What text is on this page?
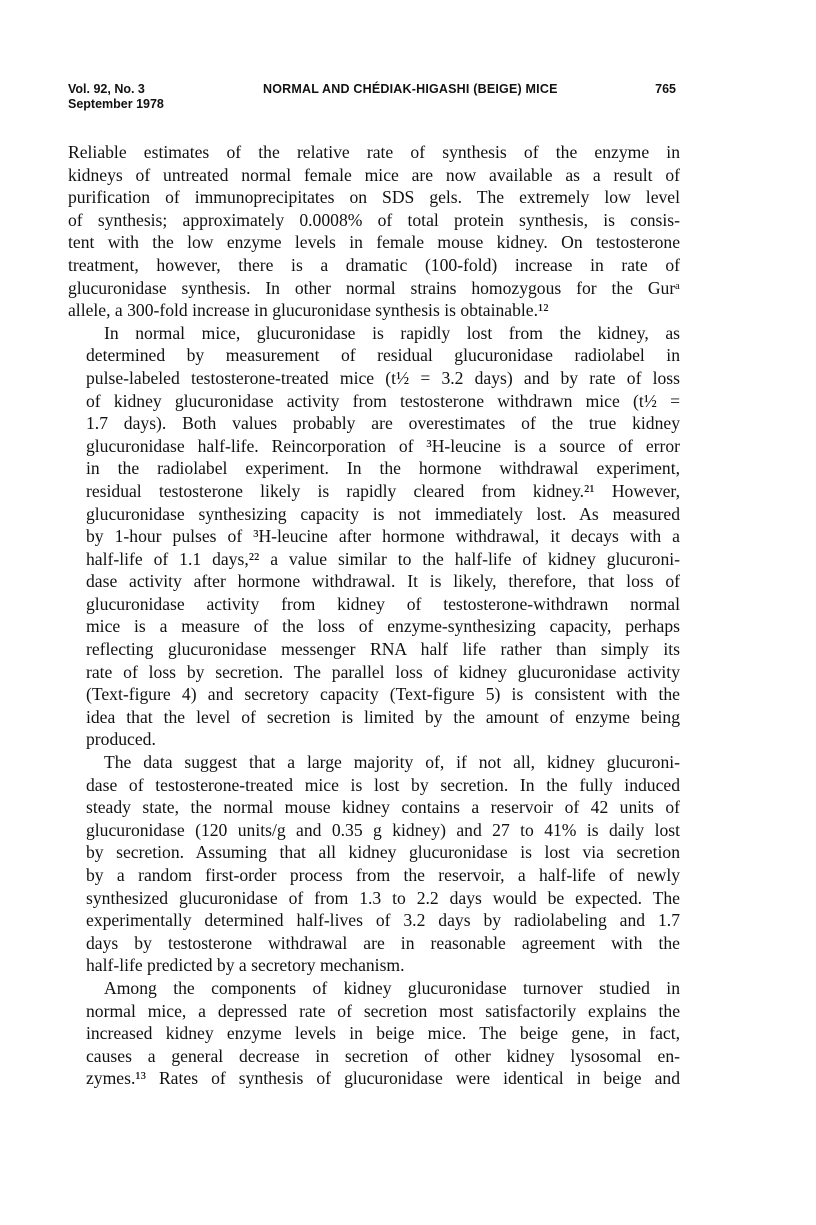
Vol. 92, No. 3
September 1978
NORMAL AND CHÉDIAK-HIGASHI (BEIGE) MICE	765

Reliable estimates of the relative rate of synthesis of the enzyme in
kidneys of untreated normal female mice are now available as a result of
purification of immunoprecipitates on SDS gels. The extremely low level
of synthesis; approximately 0.0008% of total protein synthesis, is consis-
tent with the low enzyme levels in female mouse kidney. On testosterone
treatment, however, there is a dramatic (100-fold) increase in rate of
glucuronidase synthesis. In other normal strains homozygous for the Gurᵃ
allele, a 300-fold increase in glucuronidase synthesis is obtainable.¹²

In normal mice, glucuronidase is rapidly lost from the kidney, as
determined by measurement of residual glucuronidase radiolabel in
pulse-labeled testosterone-treated mice (t½ = 3.2 days) and by rate of loss
of kidney glucuronidase activity from testosterone withdrawn mice (t½ =
1.7 days). Both values probably are overestimates of the true kidney
glucuronidase half-life. Reincorporation of ³H-leucine is a source of error
in the radiolabel experiment. In the hormone withdrawal experiment,
residual testosterone likely is rapidly cleared from kidney.²¹ However,
glucuronidase synthesizing capacity is not immediately lost. As measured
by 1-hour pulses of ³H-leucine after hormone withdrawal, it decays with a
half-life of 1.1 days,²² a value similar to the half-life of kidney glucuroni-
dase activity after hormone withdrawal. It is likely, therefore, that loss of
glucuronidase activity from kidney of testosterone-withdrawn normal
mice is a measure of the loss of enzyme-synthesizing capacity, perhaps
reflecting glucuronidase messenger RNA half life rather than simply its
rate of loss by secretion. The parallel loss of kidney glucuronidase activity
(Text-figure 4) and secretory capacity (Text-figure 5) is consistent with the
idea that the level of secretion is limited by the amount of enzyme being
produced.

The data suggest that a large majority of, if not all, kidney glucuroni-
dase of testosterone-treated mice is lost by secretion. In the fully induced
steady state, the normal mouse kidney contains a reservoir of 42 units of
glucuronidase (120 units/g and 0.35 g kidney) and 27 to 41% is daily lost
by secretion. Assuming that all kidney glucuronidase is lost via secretion
by a random first-order process from the reservoir, a half-life of newly
synthesized glucuronidase of from 1.3 to 2.2 days would be expected. The
experimentally determined half-lives of 3.2 days by radiolabeling and 1.7
days by testosterone withdrawal are in reasonable agreement with the
half-life predicted by a secretory mechanism.

Among the components of kidney glucuronidase turnover studied in
normal mice, a depressed rate of secretion most satisfactorily explains the
increased kidney enzyme levels in beige mice. The beige gene, in fact,
causes a general decrease in secretion of other kidney lysosomal en-
zymes.¹³ Rates of synthesis of glucuronidase were identical in beige and
